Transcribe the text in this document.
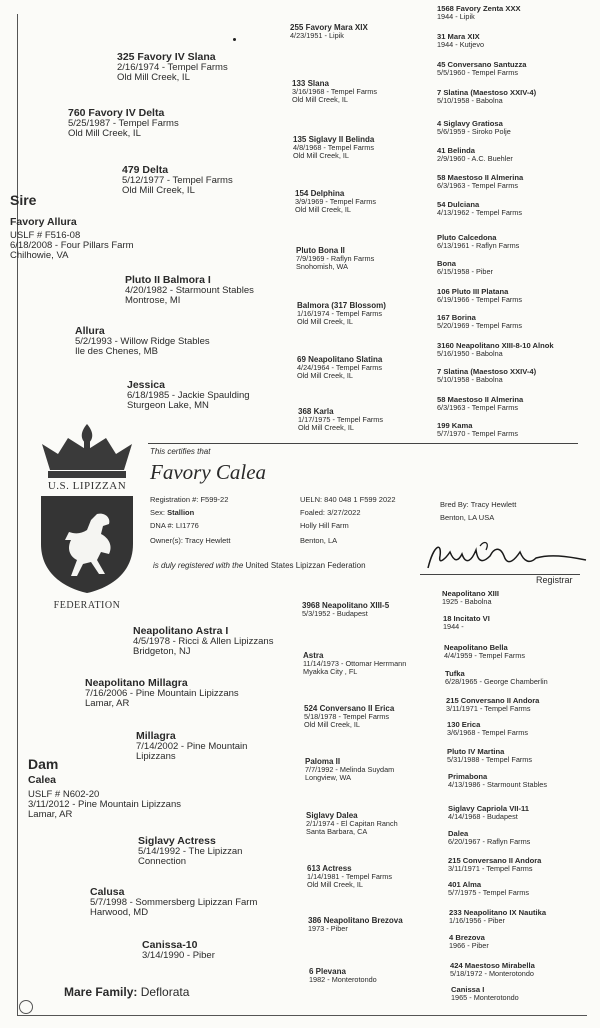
325 Favory IV Slana
2/16/1974 - Tempel Farms
Old Mill Creek, IL
760 Favory IV Delta
5/25/1987 - Tempel Farms
Old Mill Creek, IL
479 Delta
5/12/1977 - Tempel Farms
Old Mill Creek, IL
Sire
Favory Allura
USLF # F516-08
6/18/2008 - Four Pillars Farm
Chilhowie, VA
Pluto II Balmora I
4/20/1982 - Starmount Stables
Montrose, MI
Allura
5/2/1993 - Willow Ridge Stables
Ile des Chenes, MB
Jessica
6/18/1985 - Jackie Spaulding
Sturgeon Lake, MN
255 Favory Mara XIX
4/23/1951 - Lipik
133 Slana
3/16/1968 - Tempel Farms
Old Mill Creek, IL
135 Siglavy II Belinda
4/8/1968 - Tempel Farms
Old Mill Creek, IL
154 Delphina
3/9/1969 - Tempel Farms
Old Mill Creek, IL
Pluto Bona II
7/9/1969 - Raflyn Farms
Snohomish, WA
Balmora (317 Blossom)
1/16/1974 - Tempel Farms
Old Mill Creek, IL
69 Neapolitano Slatina
4/24/1964 - Tempel Farms
Old Mill Creek, IL
368 Karla
1/17/1975 - Tempel Farms
Old Mill Creek, IL
1568 Favory Zenta XXX
1944 - Lipik
31 Mara XIX
1944 - Kutjevo
45 Conversano Santuzza
5/5/1960 - Tempel Farms
7 Slatina (Maestoso XXIV-4)
5/10/1958 - Babolna
4 Siglavy Gratiosa
5/6/1959 - Siroko Polje
41 Belinda
2/9/1960 - A.C. Buehler
58 Maestoso II Almerina
6/3/1963 - Tempel Farms
54 Dulciana
4/13/1962 - Tempel Farms
Pluto Calcedona
6/13/1961 - Raflyn Farms
Bona
6/15/1958 - Piber
106 Pluto III Platana
6/19/1966 - Tempel Farms
167 Borina
5/20/1969 - Tempel Farms
3160 Neapolitano XIII-8-10 Alnok
5/16/1950 - Babolna
7 Slatina (Maestoso XXIV-4)
5/10/1958 - Babolna
58 Maestoso II Almerina
6/3/1963 - Tempel Farms
199 Kama
5/7/1970 - Tempel Farms
U.S. LIPIZZAN
FEDERATION
This certifies that
Favory Calea
Registration #: F599-22
Sex: Stallion
DNA #: LI1776
Owner(s): Tracy Hewlett
UELN: 840 048 1 F599 2022
Foaled: 3/27/2022
Holly Hill Farm
Benton, LA
Bred By: Tracy Hewlett
Benton, LA USA
is duly registered with the United States Lipizzan Federation
Registrar
Neapolitano Astra I
4/5/1978 - Ricci & Allen Lipizzans
Bridgeton, NJ
Neapolitano Millagra
7/16/2006 - Pine Mountain Lipizzans
Lamar, AR
Millagra
7/14/2002 - Pine Mountain
Lipizzans
Dam
Calea
USLF # N602-20
3/11/2012 - Pine Mountain Lipizzans
Lamar, AR
Siglavy Actress
5/14/1992 - The Lipizzan
Connection
Calusa
5/7/1998 - Sommersberg Lipizzan Farm
Harwood, MD
Canissa-10
3/14/1990 - Piber
3968 Neapolitano XIII-5
5/3/1952 - Budapest
Astra
11/14/1973 - Ottomar Herrmann
Myakka City , FL
524 Conversano II Erica
5/18/1978 - Tempel Farms
Old Mill Creek, IL
Paloma II
7/7/1992 - Melinda Suydam
Longview, WA
Siglavy Dalea
2/1/1974 - El Capitan Ranch
Santa Barbara, CA
613 Actress
1/14/1981 - Tempel Farms
Old Mill Creek, IL
386 Neapolitano Brezova
1973 - Piber
6 Plevana
1982 - Monterotondo
Neapolitano XIII
1925 - Babolna
18 Incitato VI
1944 -
Neapolitano Bella
4/4/1959 - Tempel Farms
Tufka
6/28/1965 - George Chamberlin
215 Conversano II Andora
3/11/1971 - Tempel Farms
130 Erica
3/6/1968 - Tempel Farms
Pluto IV Martina
5/31/1988 - Tempel Farms
Primabona
4/13/1986 - Starmount Stables
Siglavy Capriola VII-11
4/14/1968 - Budapest
Dalea
6/20/1967 - Raflyn Farms
215 Conversano II Andora
3/11/1971 - Tempel Farms
401 Alma
5/7/1975 - Tempel Farms
233 Neapolitano IX Nautika
1/16/1956 - Piber
4 Brezova
1966 - Piber
424 Maestoso Mirabella
5/18/1972 - Monterotondo
Canissa I
1965 - Monterotondo
Mare Family: Deflorata
